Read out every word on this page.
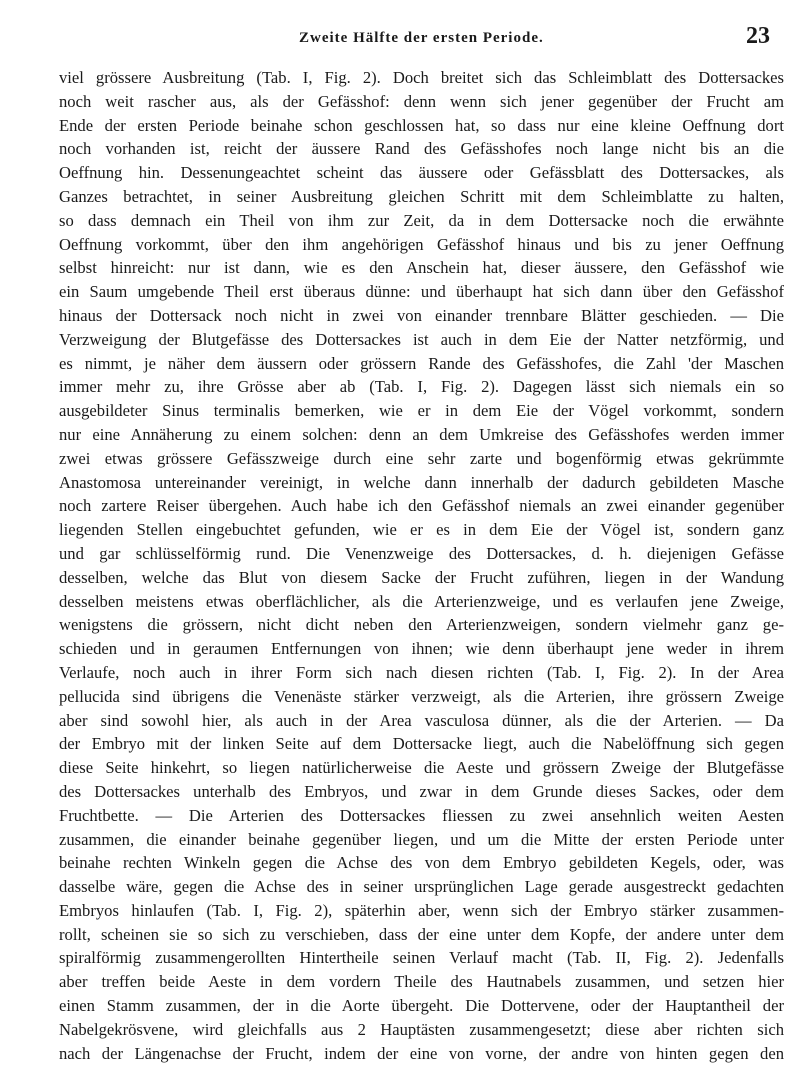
Zweite Hälfte der ersten Periode.	23
viel grössere Ausbreitung (Tab. I, Fig. 2). Doch breitet sich das Schleimblatt des Dottersackes
noch weit rascher aus, als der Gefässhof: denn wenn sich jener gegenüber der Frucht am
Ende der ersten Periode beinahe schon geschlossen hat, so dass nur eine kleine Oeffnung dort
noch vorhanden ist, reicht der äussere Rand des Gefässhofes noch lange nicht bis an die
Oeffnung hin. Dessenungeachtet scheint das äussere oder Gefässblatt des Dottersackes, als
Ganzes betrachtet, in seiner Ausbreitung gleichen Schritt mit dem Schleimblatte zu halten,
so dass demnach ein Theil von ihm zur Zeit, da in dem Dottersacke noch die erwähnte
Oeffnung vorkommt, über den ihm angehörigen Gefässhof hinaus und bis zu jener Oeffnung
selbst hinreicht: nur ist dann, wie es den Anschein hat, dieser äussere, den Gefässhof wie
ein Saum umgebende Theil erst überaus dünne: und überhaupt hat sich dann über den Gefässhof
hinaus der Dottersack noch nicht in zwei von einander trennbare Blätter geschieden. — Die
Verzweigung der Blutgefässe des Dottersackes ist auch in dem Eie der Natter netzförmig, und
es nimmt, je näher dem äussern oder grössern Rande des Gefässhofes, die Zahl 'der Maschen
immer mehr zu, ihre Grösse aber ab (Tab. I, Fig. 2). Dagegen lässt sich niemals ein so
ausgebildeter Sinus terminalis bemerken, wie er in dem Eie der Vögel vorkommt, sondern
nur eine Annäherung zu einem solchen: denn an dem Umkreise des Gefässhofes werden immer
zwei etwas grössere Gefässzweige durch eine sehr zarte und bogenförmig etwas gekrümmte
Anastomosa untereinander vereinigt, in welche dann innerhalb der dadurch gebildeten Masche
noch zartere Reiser übergehen. Auch habe ich den Gefässhof niemals an zwei einander gegenüber
liegenden Stellen eingebuchtet gefunden, wie er es in dem Eie der Vögel ist, sondern ganz
und gar schlüsselförmig rund. Die Venenzweige des Dottersackes, d. h. diejenigen Gefässe
desselben, welche das Blut von diesem Sacke der Frucht zuführen, liegen in der Wandung
desselben meistens etwas oberflächlicher, als die Arterienzweige, und es verlaufen jene Zweige,
wenigstens die grössern, nicht dicht neben den Arterienzweigen, sondern vielmehr ganz ge-
schieden und in geraumen Entfernungen von ihnen; wie denn überhaupt jene weder in ihrem
Verlaufe, noch auch in ihrer Form sich nach diesen richten (Tab. I, Fig. 2). In der Area
pellucida sind übrigens die Venenäste stärker verzweigt, als die Arterien, ihre grössern Zweige
aber sind sowohl hier, als auch in der Area vasculosa dünner, als die der Arterien. — Da
der Embryo mit der linken Seite auf dem Dottersacke liegt, auch die Nabelöffnung sich gegen
diese Seite hinkehrt, so liegen natürlicherweise die Aeste und grössern Zweige der Blutgefässe
des Dottersackes unterhalb des Embryos, und zwar in dem Grunde dieses Sackes, oder dem
Fruchtbette. — Die Arterien des Dottersackes fliessen zu zwei ansehnlich weiten Aesten
zusammen, die einander beinahe gegenüber liegen, und um die Mitte der ersten Periode unter
beinahe rechten Winkeln gegen die Achse des von dem Embryo gebildeten Kegels, oder, was
dasselbe wäre, gegen die Achse des in seiner ursprünglichen Lage gerade ausgestreckt gedachten
Embryos hinlaufen (Tab. I, Fig. 2), späterhin aber, wenn sich der Embryo stärker zusammen-
rollt, scheinen sie so sich zu verschieben, dass der eine unter dem Kopfe, der andere unter dem
spiralförmig zusammengerollten Hintertheile seinen Verlauf macht (Tab. II, Fig. 2). Jedenfalls
aber treffen beide Aeste in dem vordern Theile des Hautnabels zusammen, und setzen hier
einen Stamm zusammen, der in die Aorte übergeht. Die Dottervene, oder der Hauptantheil der
Nabelgekrösvene, wird gleichfalls aus 2 Hauptästen zusammengesetzt; diese aber richten sich
nach der Längenachse der Frucht, indem der eine von vorne, der andre von hinten gegen den
